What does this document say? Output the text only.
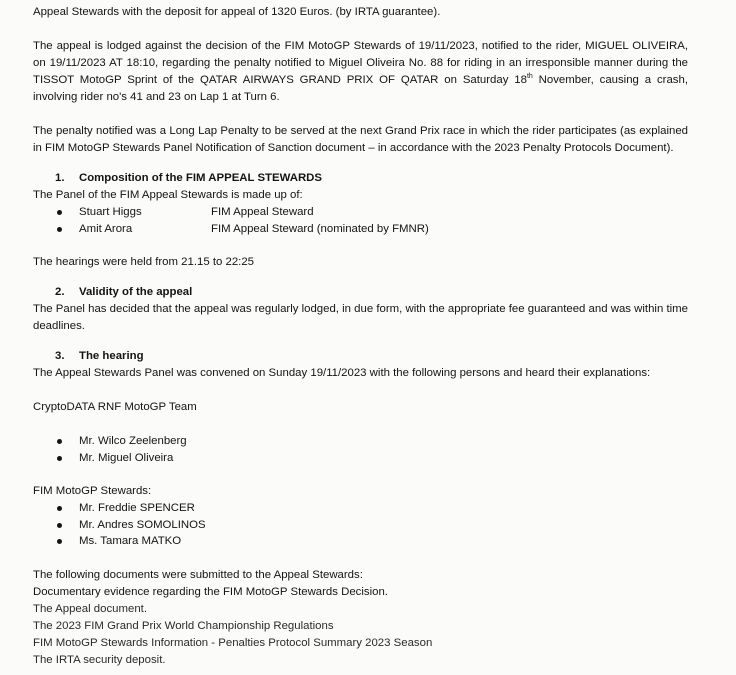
Appeal Stewards with the deposit for appeal of 1320 Euros. (by IRTA guarantee).

The appeal is lodged against the decision of the FIM MotoGP Stewards of 19/11/2023, notified to the rider, MIGUEL OLIVEIRA, on 19/11/2023 AT 18:10, regarding the penalty notified to Miguel Oliveira No. 88 for riding in an irresponsible manner during the TISSOT MotoGP Sprint of the QATAR AIRWAYS GRAND PRIX OF QATAR on Saturday 18th November, causing a crash, involving rider no's 41 and 23 on Lap 1 at Turn 6.

The penalty notified was a Long Lap Penalty to be served at the next Grand Prix race in which the rider participates (as explained in FIM MotoGP Stewards Panel Notification of Sanction document – in accordance with the 2023 Penalty Protocols Document).

1. Composition of the FIM APPEAL STEWARDS

The Panel of the FIM Appeal Stewards is made up of:

Stuart Higgs	FIM Appeal Steward
Amit Arora	FIM Appeal Steward (nominated by FMNR)

The hearings were held from 21.15 to 22:25

2. Validity of the appeal

The Panel has decided that the appeal was regularly lodged, in due form, with the appropriate fee guaranteed and was within time deadlines.

3. The hearing

The Appeal Stewards Panel was convened on Sunday 19/11/2023 with the following persons and heard their explanations:

CryptoDATA RNF MotoGP Team

Mr. Wilco Zeelenberg
Mr. Miguel Oliveira

FIM MotoGP Stewards:

Mr. Freddie SPENCER
Mr. Andres SOMOLINOS
Ms. Tamara MATKO

The following documents were submitted to the Appeal Stewards:

Documentary evidence regarding the FIM MotoGP Stewards Decision.

The Appeal document.

The 2023 FIM Grand Prix World Championship Regulations

FIM MotoGP Stewards Information - Penalties Protocol Summary 2023 Season

The IRTA security deposit.
